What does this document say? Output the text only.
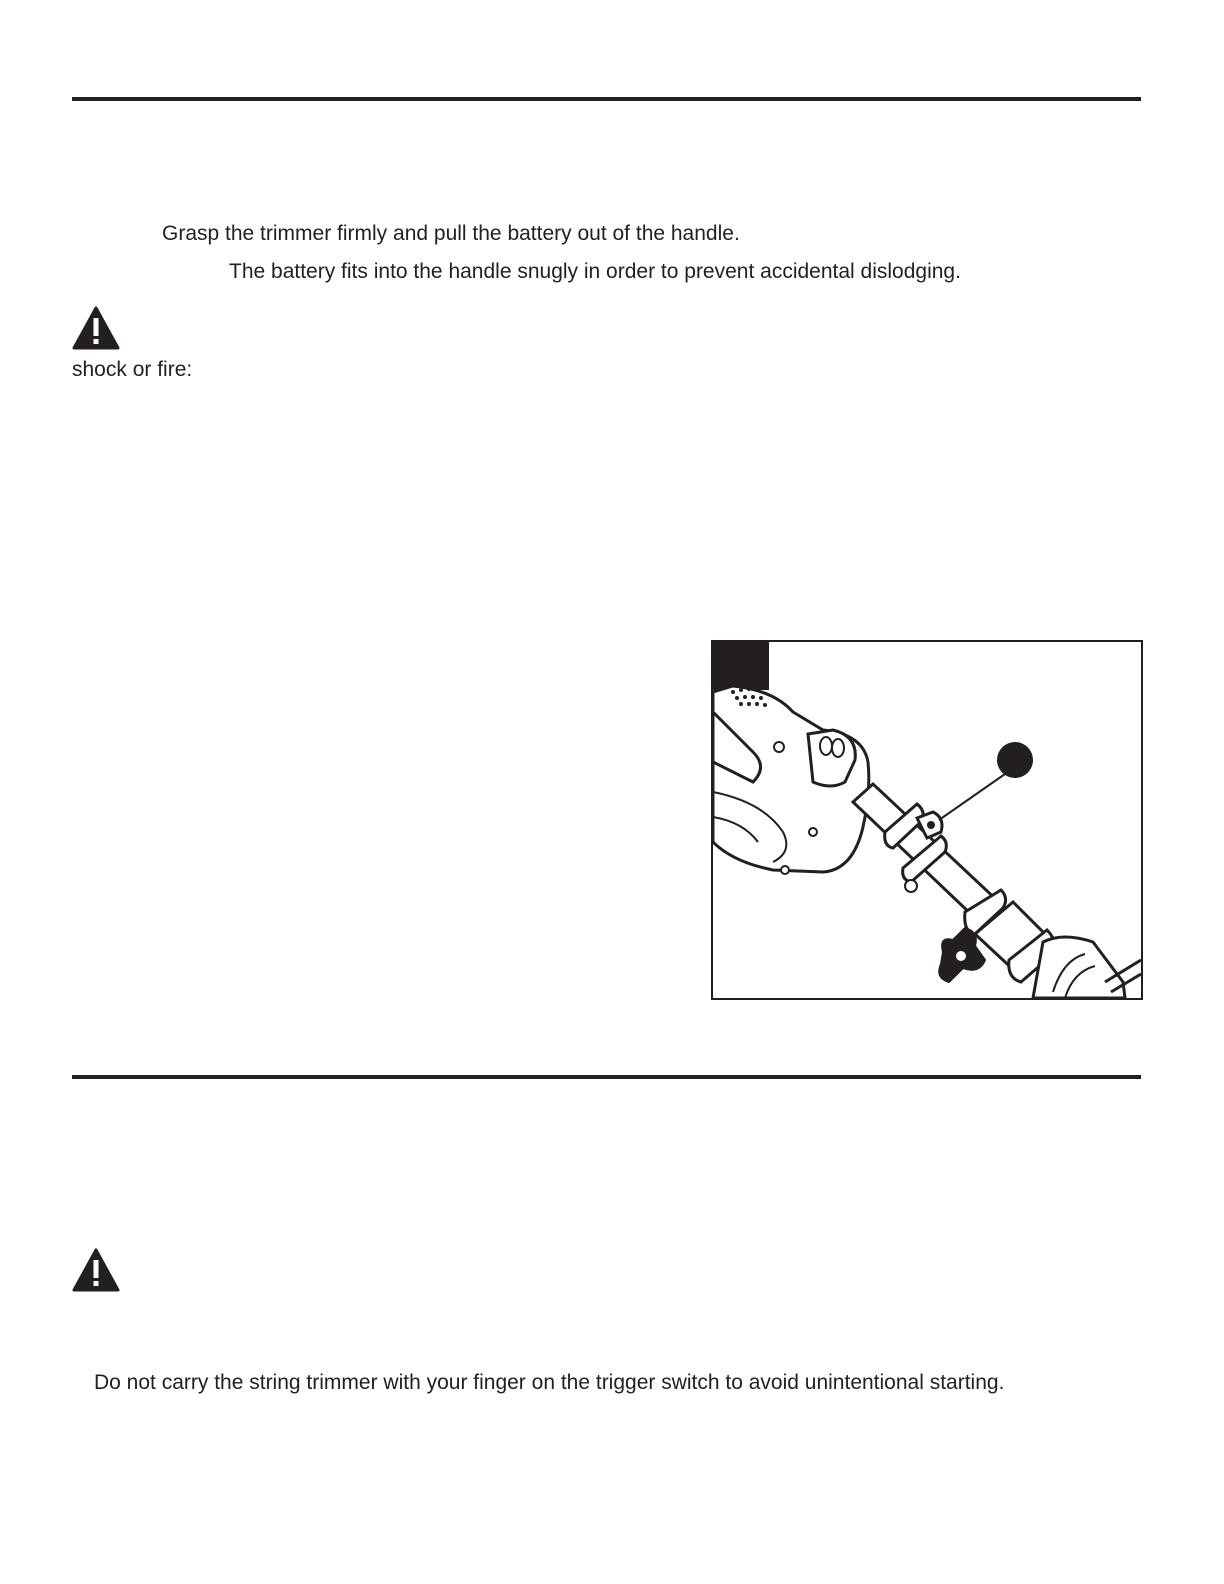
Grasp the trimmer firmly and pull the battery out of the handle.

The battery fits into the handle snugly in order to prevent accidental dislodging.

shock or fire:

Do not carry the string trimmer with your finger on the trigger switch to avoid unintentional starting.
